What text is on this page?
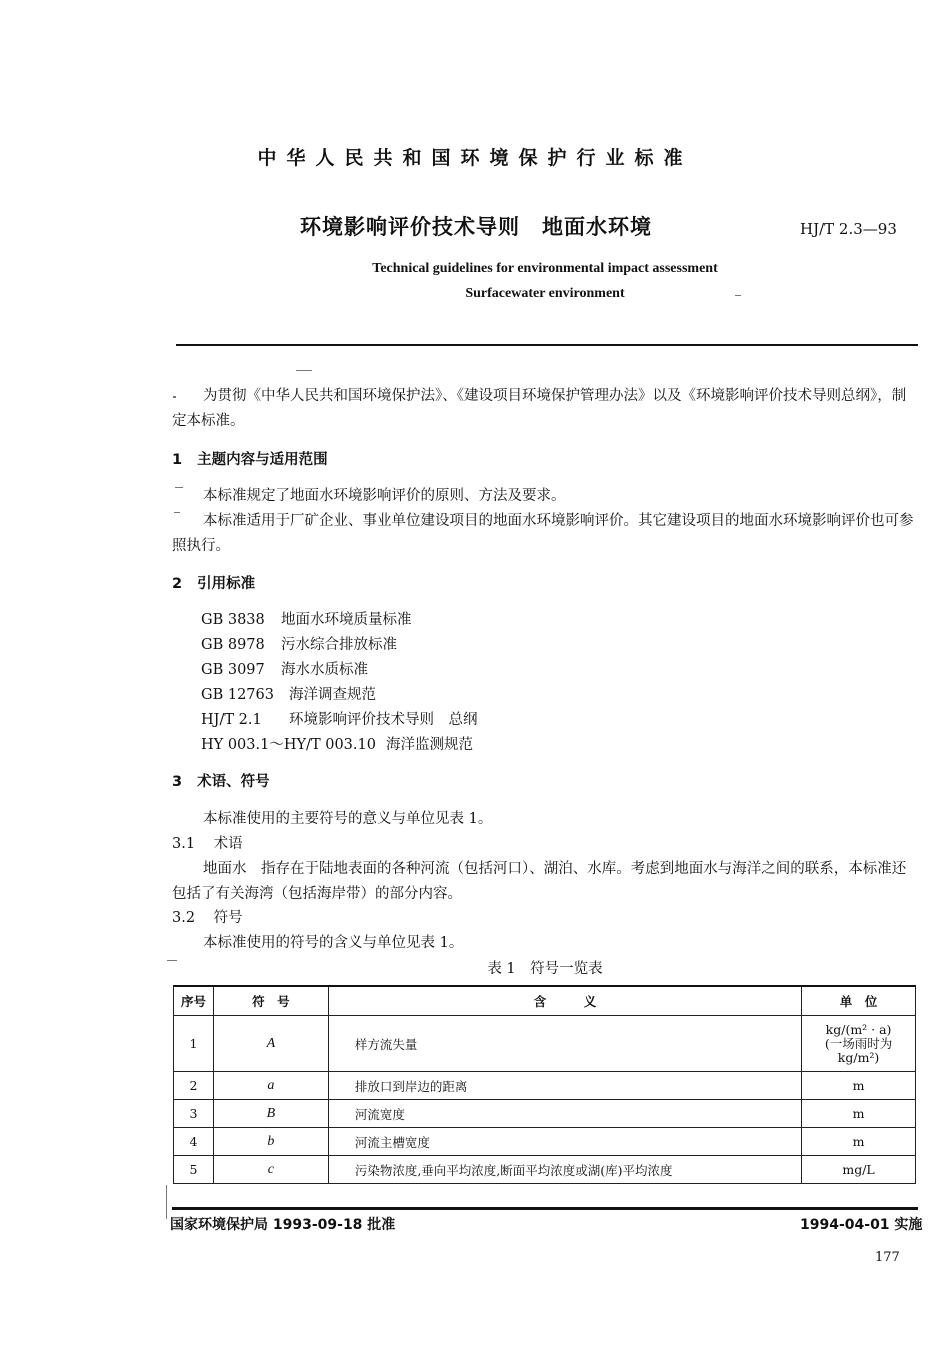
中华人民共和国环境保护行业标准
环境影响评价技术导则　地面水环境	HJ/T 2.3—93
Technical guidelines for environmental impact assessment
Surfacewater environment
为贯彻《中华人民共和国环境保护法》、《建设项目环境保护管理办法》以及《环境影响评价技术导则总纲》，制定本标准。
1 主题内容与适用范围
本标准规定了地面水环境影响评价的原则、方法及要求。
本标准适用于厂矿企业、事业单位建设项目的地面水环境影响评价。其它建设项目的地面水环境影响评价也可参照执行。
2 引用标准
GB 3838 地面水环境质量标准
GB 8978 污水综合排放标准
GB 3097 海水水质标准
GB 12763 海洋调查规范
HJ/T 2.1 环境影响评价技术导则　总纲
HY 003.1～HY/T 003.10 海洋监测规范
3 术语、符号
本标准使用的主要符号的意义与单位见表 1。
3.1 术语
地面水　指存在于陆地表面的各种河流（包括河口）、湖泊、水库。考虑到地面水与海洋之间的联系，本标准还包括了有关海湾（包括海岸带）的部分内容。
3.2 符号
本标准使用的符号的含义与单位见表 1。
表 1　符号一览表
序号	符　号	含　　　义	单　位
1	A	样方流失量	kg/(m² · a)
(一场雨时为
kg/m²)

2	a	排放口到岸边的距离	m
3	B	河流宽度	m
4	b	河流主槽宽度	m
5	c	污染物浓度,垂向平均浓度,断面平均浓度或湖(库)平均浓度	mg/L
国家环境保护局 1993-09-18 批准	1994-04-01 实施
177
